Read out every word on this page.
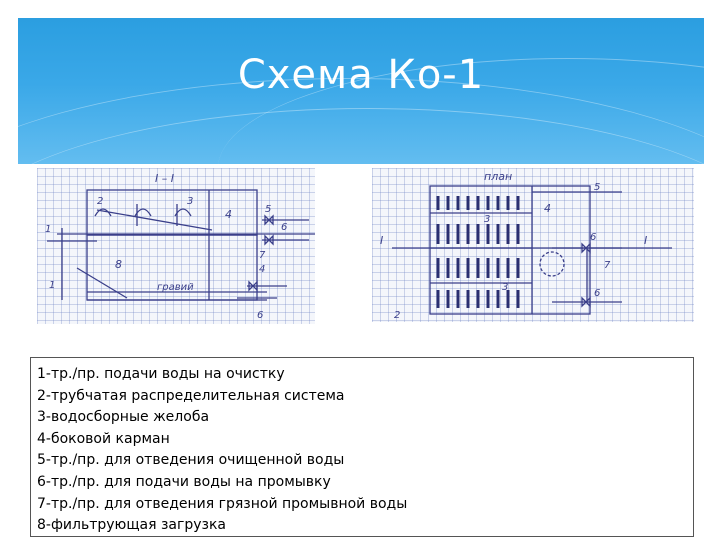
Схема Ко-1
I – I
4	5
6
1
8
1
7
4
6
гравий
2	3
план
4
5
3
6
I	I
3
7
2
6
1-тр./пр. подачи воды на очистку
2-трубчатая распределительная система
3-водосборные желоба
4-боковой карман
5-тр./пр. для отведения очищенной воды
6-тр./пр. для подачи воды на промывку
7-тр./пр. для отведения грязной промывной воды
8-фильтрующая загрузка
